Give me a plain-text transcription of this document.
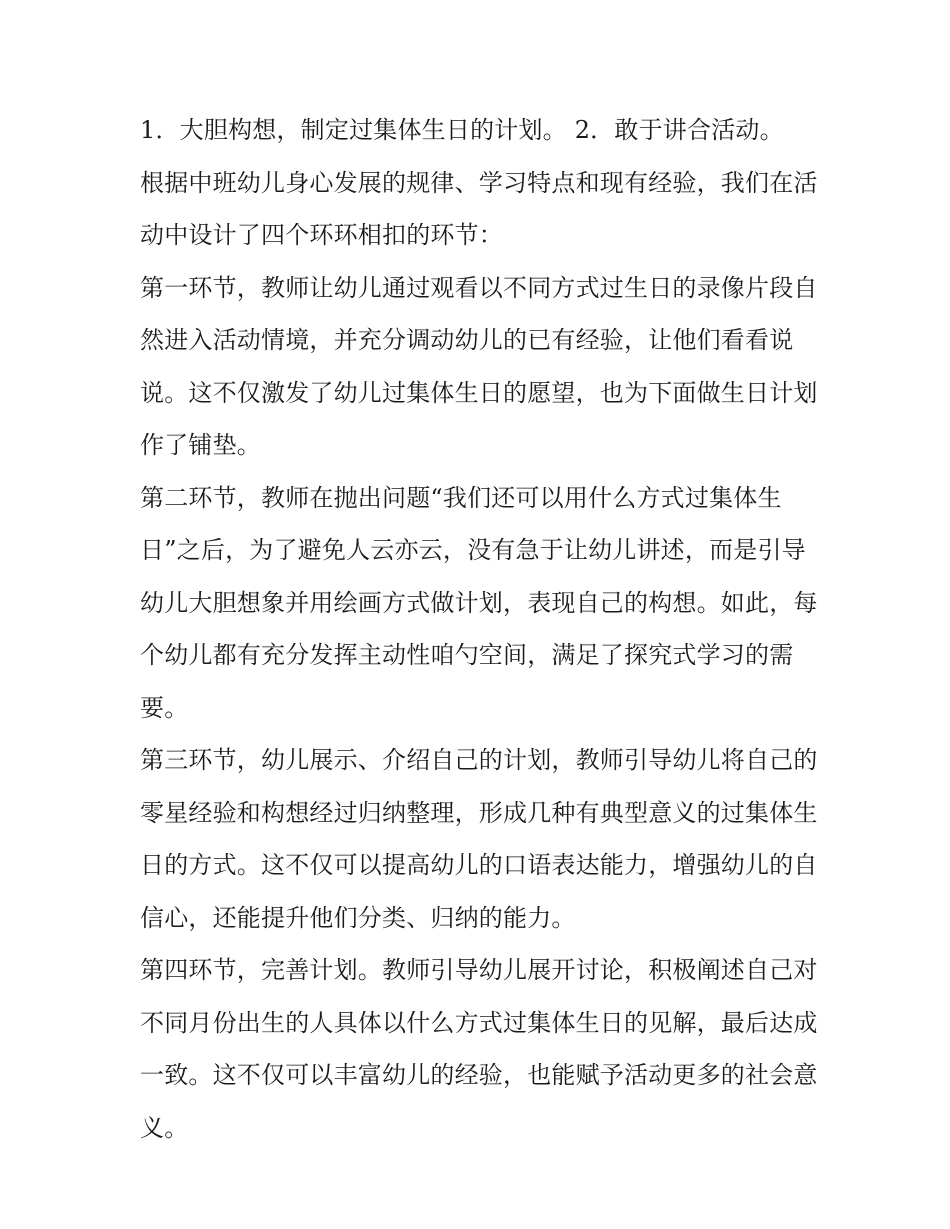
1．大胆构想，制定过集体生日的计划。 2．敢于讲合活动。

根据中班幼儿身心发展的规律、学习特点和现有经验，我们在活动中设计了四个环环相扣的环节：

第一环节，教师让幼儿通过观看以不同方式过生日的录像片段自然进入活动情境，并充分调动幼儿的已有经验，让他们看看说说。这不仅激发了幼儿过集体生日的愿望，也为下面做生日计划作了铺垫。

第二环节，教师在抛出问题“我们还可以用什么方式过集体生日”之后，为了避免人云亦云，没有急于让幼儿讲述，而是引导幼儿大胆想象并用绘画方式做计划，表现自己的构想。如此，每个幼儿都有充分发挥主动性咱勺空间，满足了探究式学习的需要。

第三环节，幼儿展示、介绍自己的计划，教师引导幼儿将自己的零星经验和构想经过归纳整理，形成几种有典型意义的过集体生日的方式。这不仅可以提高幼儿的口语表达能力，增强幼儿的自信心，还能提升他们分类、归纳的能力。

第四环节，完善计划。教师引导幼儿展开讨论，积极阐述自己对不同月份出生的人具体以什么方式过集体生日的见解，最后达成一致。这不仅可以丰富幼儿的经验，也能赋予活动更多的社会意义。
